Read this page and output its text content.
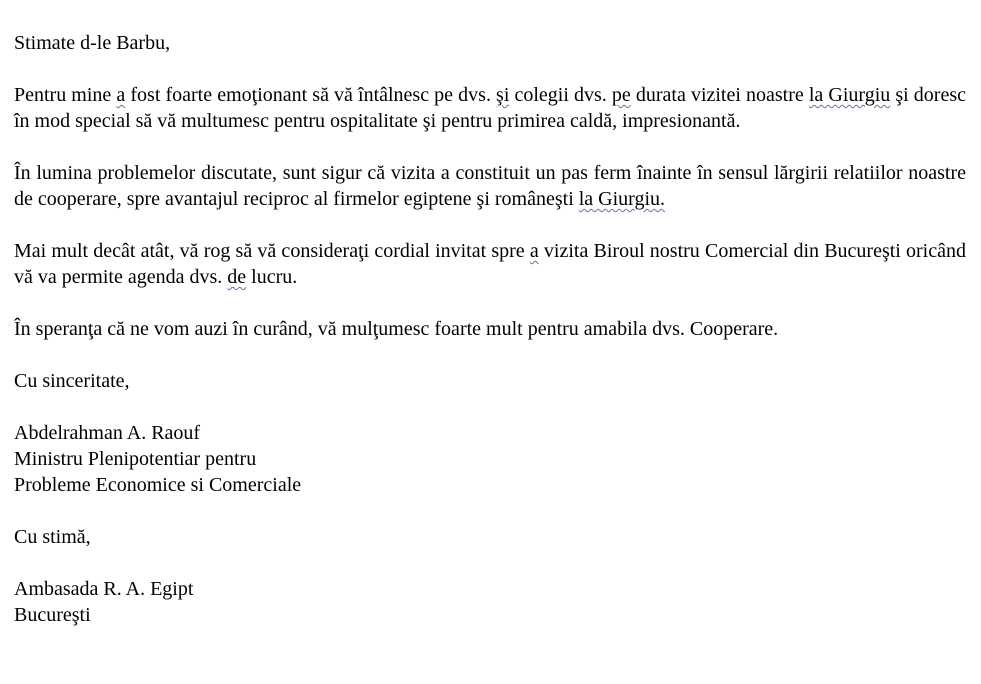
Stimate d-le Barbu,

Pentru mine a fost foarte emoţionant să vă întâlnesc pe dvs. şi colegii dvs. pe durata vizitei noastre la Giurgiu şi doresc în mod special să vă multumesc pentru ospitalitate şi pentru primirea caldă, impresionantă.

În lumina problemelor discutate, sunt sigur că vizita a constituit un pas ferm înainte în sensul lărgirii relatiilor noastre de cooperare, spre avantajul reciproc al firmelor egiptene şi româneşti la Giurgiu.

Mai mult decât atât, vă rog să vă consideraţi cordial invitat spre a vizita Biroul nostru Comercial din Bucureşti oricând vă va permite agenda dvs. de lucru.

În speranţa că ne vom auzi în curând, vă mulţumesc foarte mult pentru amabila dvs. Cooperare.

Cu sinceritate,

Abdelrahman A. Raouf
Ministru Plenipotentiar pentru
Probleme Economice si Comerciale

Cu stimă,

Ambasada R. A. Egipt
Bucureşti
